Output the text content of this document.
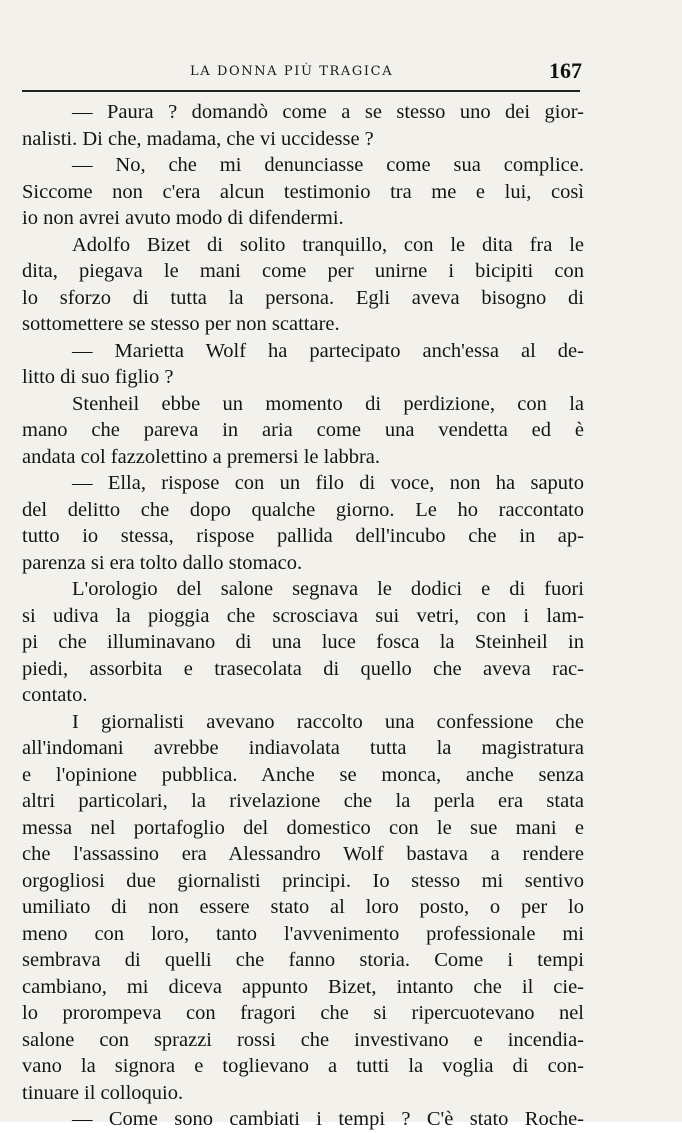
LA DONNA PIÙ TRAGICA	167
— Paura ? domandò come a se stesso uno dei gior-
nalisti. Di che, madama, che vi uccidesse ?
— No, che mi denunciasse come sua complice.
Siccome non c'era alcun testimonio tra me e lui, così
io non avrei avuto modo di difendermi.
Adolfo Bizet di solito tranquillo, con le dita fra le
dita, piegava le mani come per unirne i bicipiti con
lo sforzo di tutta la persona. Egli aveva bisogno di
sottomettere se stesso per non scattare.
— Marietta Wolf ha partecipato anch'essa al de-
litto di suo figlio ?
Stenheil ebbe un momento di perdizione, con la
mano che pareva in aria come una vendetta ed è
andata col fazzolettino a premersi le labbra.
— Ella, rispose con un filo di voce, non ha saputo
del delitto che dopo qualche giorno. Le ho raccontato
tutto io stessa, rispose pallida dell'incubo che in ap-
parenza si era tolto dallo stomaco.
L'orologio del salone segnava le dodici e di fuori
si udiva la pioggia che scrosciava sui vetri, con i lam-
pi che illuminavano di una luce fosca la Steinheil in
piedi, assorbita e trasecolata di quello che aveva rac-
contato.
I giornalisti avevano raccolto una confessione che
all'indomani avrebbe indiavolata tutta la magistratura
e l'opinione pubblica. Anche se monca, anche senza
altri particolari, la rivelazione che la perla era stata
messa nel portafoglio del domestico con le sue mani e
che l'assassino era Alessandro Wolf bastava a rendere
orgogliosi due giornalisti principi. Io stesso mi sentivo
umiliato di non essere stato al loro posto, o per lo
meno con loro, tanto l'avvenimento professionale mi
sembrava di quelli che fanno storia. Come i tempi
cambiano, mi diceva appunto Bizet, intanto che il cie-
lo prorompeva con fragori che si ripercuotevano nel
salone con sprazzi rossi che investivano e incendia-
vano la signora e toglievano a tutti la voglia di con-
tinuare il colloquio.
— Come sono cambiati i tempi ? C'è stato Roche-
